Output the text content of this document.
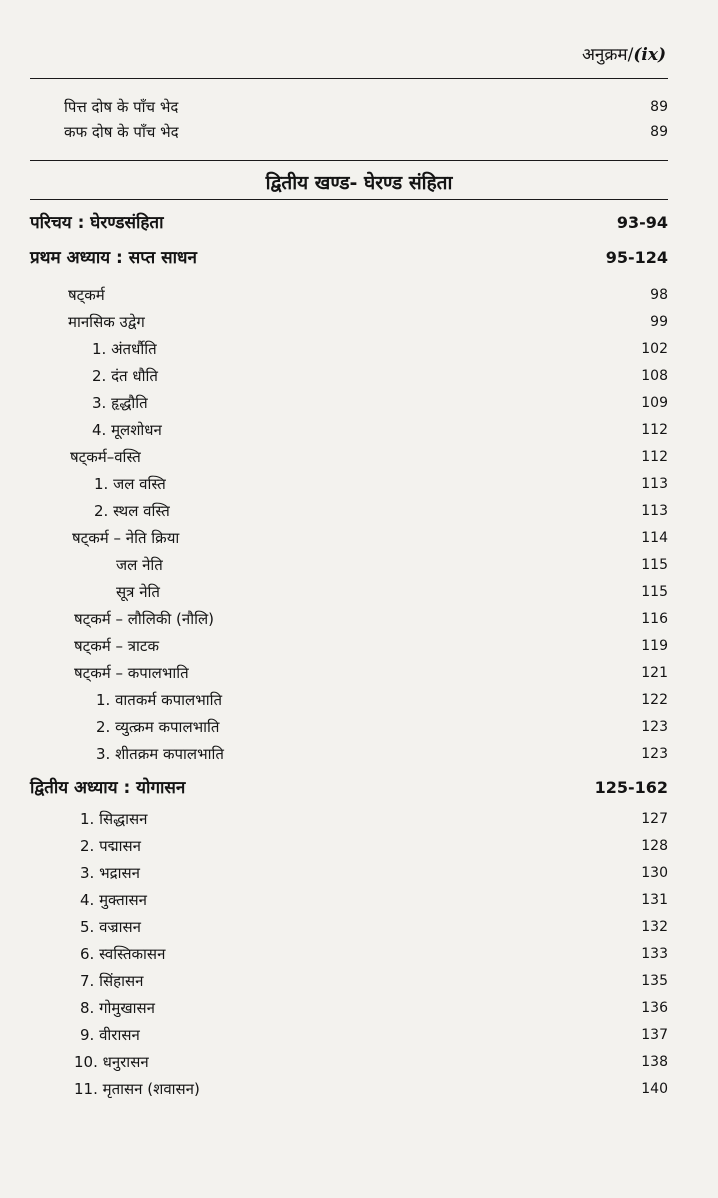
अनुक्रम/(ix)
पित्त दोष के पाँच भेद	89
कफ दोष के पाँच भेद	89
द्वितीय खण्ड- घेरण्ड संहिता
परिचय : घेरण्डसंहिता	93-94
प्रथम अध्याय : सप्त साधन	95-124
षट्कर्म	98
मानसिक उद्वेग	99
1. अंतर्धौति	102
2. दंत धौति	108
3. हृद्धौति	109
4. मूलशोधन	112
षट्कर्म–वस्ति	112
1. जल वस्ति	113
2. स्थल वस्ति	113
षट्कर्म – नेति क्रिया	114
जल नेति	115
सूत्र नेति	115
षट्कर्म – लौलिकी (नौलि)	116
षट्कर्म – त्राटक	119
षट्कर्म – कपालभाति	121
1. वातकर्म कपालभाति	122
2. व्युत्क्रम कपालभाति	123
3. शीतक्रम कपालभाति	123
द्वितीय अध्याय : योगासन	125-162
1. सिद्धासन	127
2. पद्मासन	128
3. भद्रासन	130
4. मुक्तासन	131
5. वज्रासन	132
6. स्वस्तिकासन	133
7. सिंहासन	135
8. गोमुखासन	136
9. वीरासन	137
10. धनुरासन	138
11. मृतासन (शवासन)	140
